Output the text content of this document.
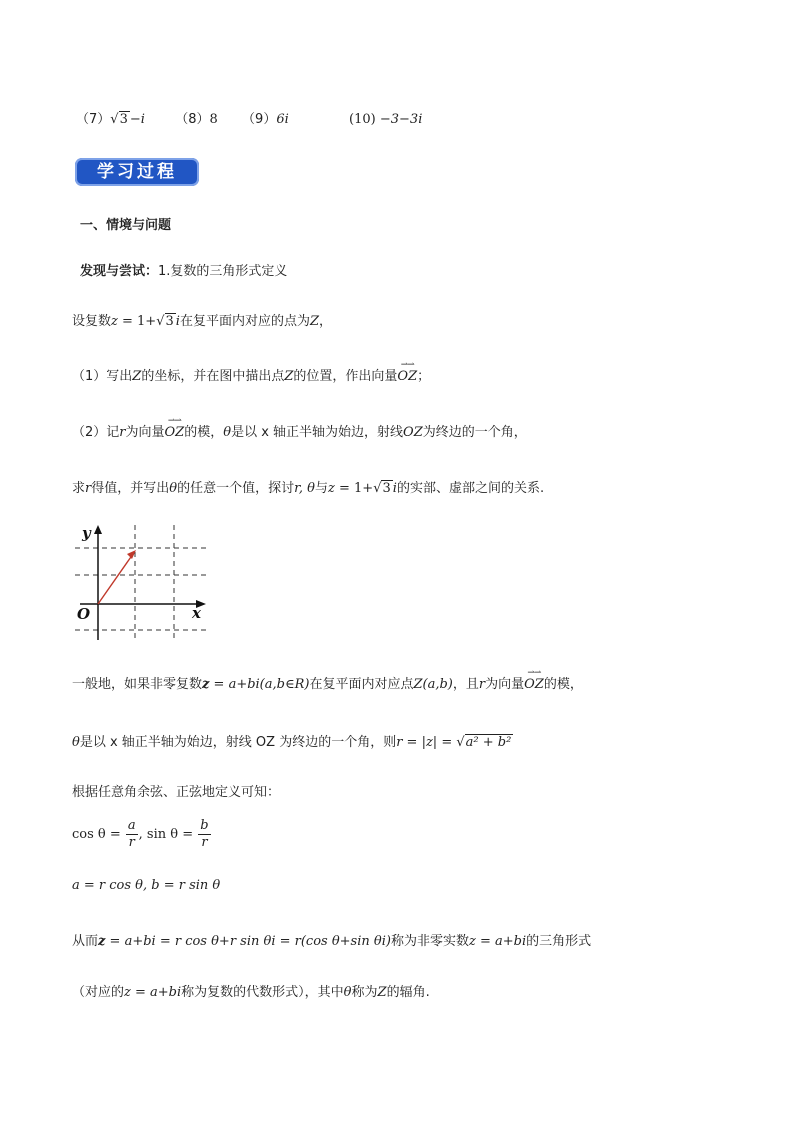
（7）√3 −i （8）8 （9）6i	(10) −3−3i
学习过程
一、情境与问题
发现与尝试：1.复数的三角形式定义
设复数z = 1+√3 i在复平面内对应的点为Z，
（1）写出Z的坐标，并在图中描出点Z的位置，作出向量
⇀⇀
OZ；
（2）记r为向量
⇀⇀
OZ的模，θ是以 x 轴正半轴为始边，射线OZ为终边的一个角，
求r得值，并写出θ的任意一个值，探讨r, θ与z = 1+√3 i的实部、虚部之间的关系.
y
x
O
一般地，如果非零复数z = a+bi(a,b∈R)在复平面内对应点Z(a,b)，且r为向量
⇀⇀
OZ的模，
θ是以 x 轴正半轴为始边，射线 OZ 为终边的一个角，则r = |z| = √a² + b²
根据任意角余弦、正弦地定义可知：
$\cos \theta = \frac{a}{r}$ , $\sin \theta = \frac{b}{r}$
a = r cos θ, b = r sin θ
从而z = a+bi = r cos θ+r sin θi = r(cos θ+sin θi)称为非零实数z = a+bi的三角形式
（对应的z = a+bi称为复数的代数形式），其中θ称为Z的辐角.
